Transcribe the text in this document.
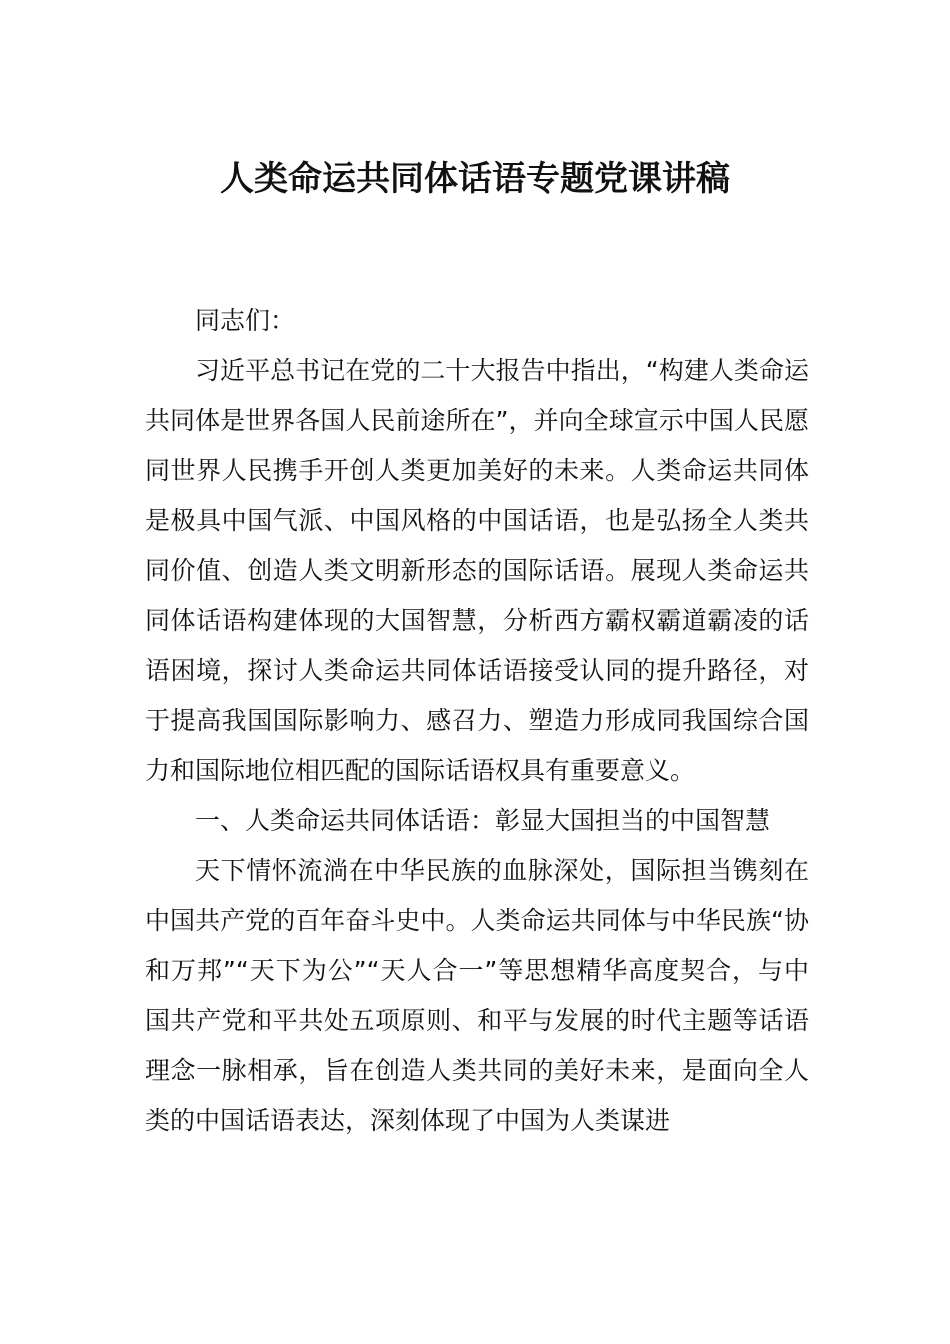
人类命运共同体话语专题党课讲稿

同志们：

习近平总书记在党的二十大报告中指出，“构建人类命运共同体是世界各国人民前途所在”，并向全球宣示中国人民愿同世界人民携手开创人类更加美好的未来。人类命运共同体是极具中国气派、中国风格的中国话语，也是弘扬全人类共同价值、创造人类文明新形态的国际话语。展现人类命运共同体话语构建体现的大国智慧，分析西方霸权霸道霸凌的话语困境，探讨人类命运共同体话语接受认同的提升路径，对于提高我国国际影响力、感召力、塑造力形成同我国综合国力和国际地位相匹配的国际话语权具有重要意义。

一、人类命运共同体话语：彰显大国担当的中国智慧

天下情怀流淌在中华民族的血脉深处，国际担当镌刻在中国共产党的百年奋斗史中。人类命运共同体与中华民族“协和万邦”“天下为公”“天人合一”等思想精华高度契合，与中国共产党和平共处五项原则、和平与发展的时代主题等话语理念一脉相承，旨在创造人类共同的美好未来，是面向全人类的中国话语表达，深刻体现了中国为人类谋进
